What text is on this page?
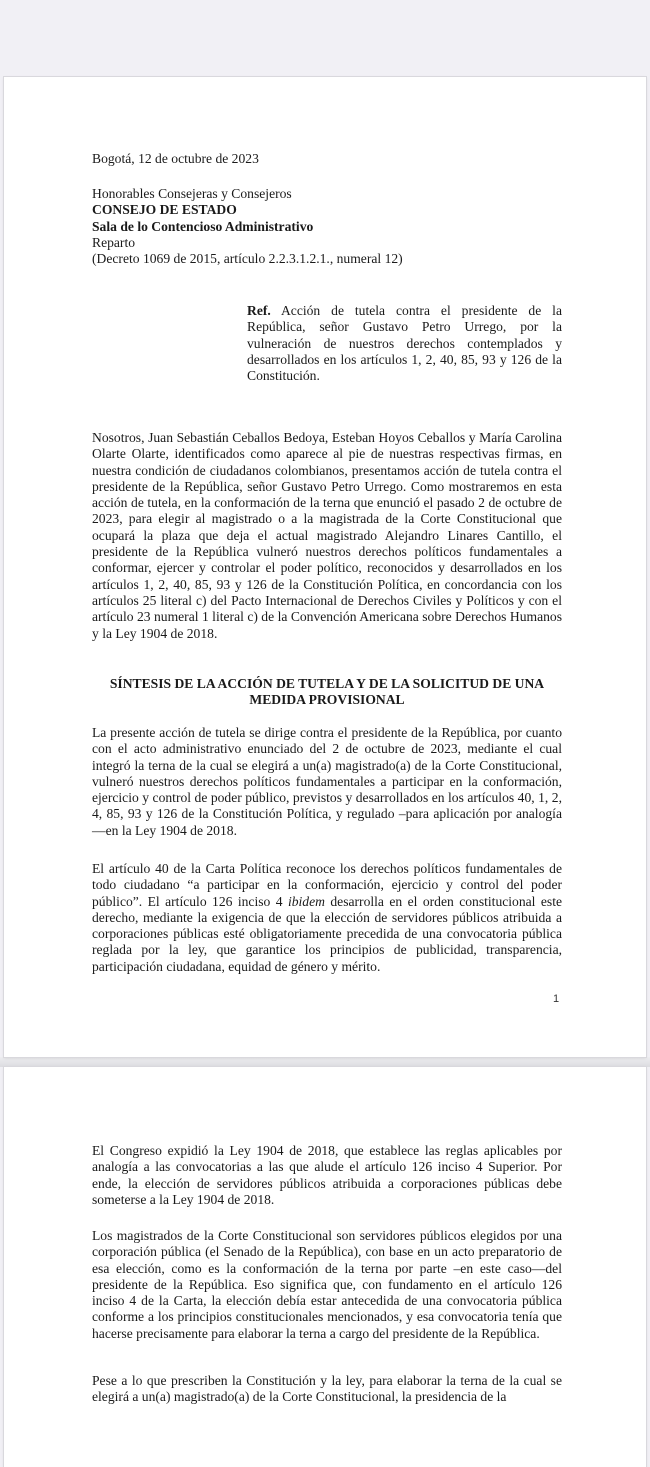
Bogotá, 12 de octubre de 2023
Honorables Consejeras y Consejeros
CONSEJO DE ESTADO
Sala de lo Contencioso Administrativo
Reparto
(Decreto 1069 de 2015, artículo 2.2.3.1.2.1., numeral 12)
Ref. Acción de tutela contra el presidente de la República, señor Gustavo Petro Urrego, por la vulneración de nuestros derechos contemplados y desarrollados en los artículos 1, 2, 40, 85, 93 y 126 de la Constitución.
Nosotros, Juan Sebastián Ceballos Bedoya, Esteban Hoyos Ceballos y María Carolina Olarte Olarte, identificados como aparece al pie de nuestras respectivas firmas, en nuestra condición de ciudadanos colombianos, presentamos acción de tutela contra el presidente de la República, señor Gustavo Petro Urrego. Como mostraremos en esta acción de tutela, en la conformación de la terna que enunció el pasado 2 de octubre de 2023, para elegir al magistrado o a la magistrada de la Corte Constitucional que ocupará la plaza que deja el actual magistrado Alejandro Linares Cantillo, el presidente de la República vulneró nuestros derechos políticos fundamentales a conformar, ejercer y controlar el poder político, reconocidos y desarrollados en los artículos 1, 2, 40, 85, 93 y 126 de la Constitución Política, en concordancia con los artículos 25 literal c) del Pacto Internacional de Derechos Civiles y Políticos y con el artículo 23 numeral 1 literal c) de la Convención Americana sobre Derechos Humanos y la Ley 1904 de 2018.
SÍNTESIS DE LA ACCIÓN DE TUTELA Y DE LA SOLICITUD DE UNA MEDIDA PROVISIONAL
La presente acción de tutela se dirige contra el presidente de la República, por cuanto con el acto administrativo enunciado del 2 de octubre de 2023, mediante el cual integró la terna de la cual se elegirá a un(a) magistrado(a) de la Corte Constitucional, vulneró nuestros derechos políticos fundamentales a participar en la conformación, ejercicio y control de poder público, previstos y desarrollados en los artículos 40, 1, 2, 4, 85, 93 y 126 de la Constitución Política, y regulado –para aplicación por analogía—en la Ley 1904 de 2018.
El artículo 40 de la Carta Política reconoce los derechos políticos fundamentales de todo ciudadano “a participar en la conformación, ejercicio y control del poder público”. El artículo 126 inciso 4 ibidem desarrolla en el orden constitucional este derecho, mediante la exigencia de que la elección de servidores públicos atribuida a corporaciones públicas esté obligatoriamente precedida de una convocatoria pública reglada por la ley, que garantice los principios de publicidad, transparencia, participación ciudadana, equidad de género y mérito.
1
El Congreso expidió la Ley 1904 de 2018, que establece las reglas aplicables por analogía a las convocatorias a las que alude el artículo 126 inciso 4 Superior. Por ende, la elección de servidores públicos atribuida a corporaciones públicas debe someterse a la Ley 1904 de 2018.
Los magistrados de la Corte Constitucional son servidores públicos elegidos por una corporación pública (el Senado de la República), con base en un acto preparatorio de esa elección, como es la conformación de la terna por parte –en este caso—del presidente de la República. Eso significa que, con fundamento en el artículo 126 inciso 4 de la Carta, la elección debía estar antecedida de una convocatoria pública conforme a los principios constitucionales mencionados, y esa convocatoria tenía que hacerse precisamente para elaborar la terna a cargo del presidente de la República.
Pese a lo que prescriben la Constitución y la ley, para elaborar la terna de la cual se elegirá a un(a) magistrado(a) de la Corte Constitucional, la presidencia de la
